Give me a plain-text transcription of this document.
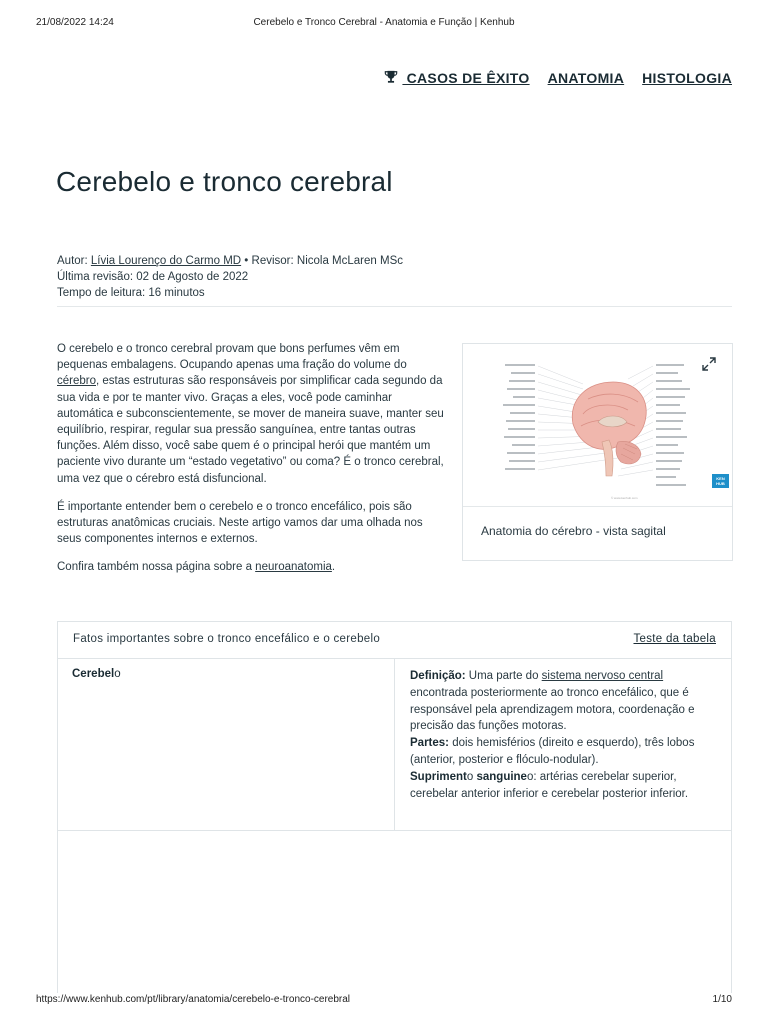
21/08/2022 14:24	Cerebelo e Tronco Cerebral - Anatomia e Função | Kenhub
CASOS DE ÊXITO ANATOMIA HISTOLOGIA
Cerebelo e tronco cerebral
Autor: Lívia Lourenço do Carmo MD • Revisor: Nicola McLaren MSc
Última revisão: 02 de Agosto de 2022
Tempo de leitura: 16 minutos

O cerebelo e o tronco cerebral provam que bons perfumes vêm em pequenas embalagens. Ocupando apenas uma fração do volume do cérebro, estas estruturas são responsáveis por simplificar cada segundo da sua vida e por te manter vivo. Graças a eles, você pode caminhar automática e subconscientemente, se mover de maneira suave, manter seu equilíbrio, respirar, regular sua pressão sanguínea, entre tantas outras funções. Além disso, você sabe quem é o principal herói que mantém um paciente vivo durante um “estado vegetativo” ou coma? É o tronco cerebral, uma vez que o cérebro está disfuncional.

É importante entender bem o cerebelo e o tronco encefálico, pois são estruturas anatômicas cruciais. Neste artigo vamos dar uma olhada nos seus componentes internos e externos.

Confira também nossa página sobre a neuroanatomia.

© www.kenhub.com
KEN HUB
Anatomia do cérebro - vista sagital
Fatos importantes sobre o tronco encefálico e o cerebelo	Teste da tabela
Cerebelo	Definição: Uma parte do sistema nervoso central encontrada posteriormente ao tronco encefálico, que é responsável pela aprendizagem motora, coordenação e precisão das funções motoras.

Partes: dois hemisférios (direito e esquerdo), três lobos (anterior, posterior e flóculo-nodular).

Suprimento sanguineo: artérias cerebelar superior, cerebelar anterior inferior e cerebelar posterior inferior.

https://www.kenhub.com/pt/library/anatomia/cerebelo-e-tronco-cerebral	1/10
